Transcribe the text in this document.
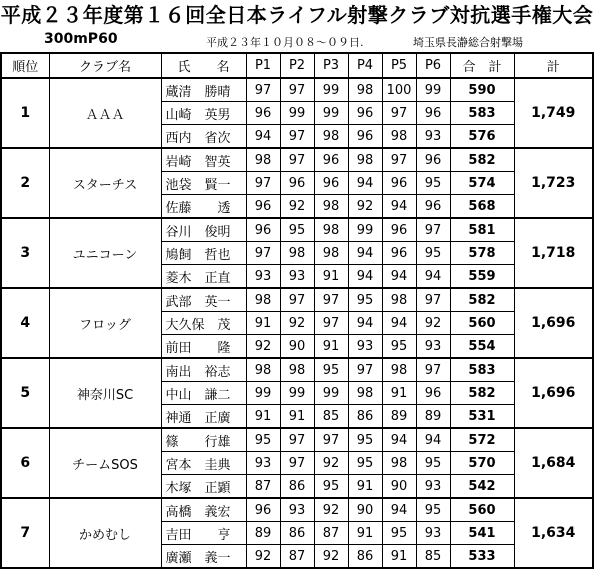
平成２３年度第１６回全日本ライフル射撃クラブ対抗選手権大会
300mP60	平成２３年１０月０８～０９日.	埼玉県長瀞総合射撃場
順位	クラブ名	氏　　名	P1	P2	P3	P4	P5	P6	合　計	計
1	ＡＡＡ	蔵清　勝晴	97	97	99	98	100	99	590	1,749
		山崎　英男	96	99	99	96	97	96	583	
		西内　省次	94	97	98	96	98	93	576	
2	スターチス	岩崎　智英	98	97	96	98	97	96	582	1,723
		池袋　賢一	97	96	96	94	96	95	574	
		佐藤　　透	96	92	98	92	94	96	568	
3	ユニコーン	谷川　俊明	96	95	98	99	96	97	581	1,718
		鳩飼　哲也	97	98	98	94	96	95	578	
		菱木　正直	93	93	91	94	94	94	559	
4	フロッグ	武部　英一	98	97	97	95	98	97	582	1,696
		大久保　茂	91	92	97	94	94	92	560	
		前田　　隆	92	90	91	93	95	93	554	
5	神奈川SC	南出　裕志	98	98	95	97	98	97	583	1,696
		中山　謙二	99	99	99	98	91	96	582	
		神通　正廣	91	91	85	86	89	89	531	
6	チームSOS	篠　　行雄	95	97	97	95	94	94	572	1,684
		宮本　圭典	93	97	92	95	98	95	570	
		木塚　正顕	87	86	95	91	90	93	542	
7	かめむし	高橋　義宏	96	93	92	90	94	95	560	1,634
		吉田　　亨	89	86	87	91	95	93	541	
		廣瀬　義一	92	87	92	86	91	85	533	
